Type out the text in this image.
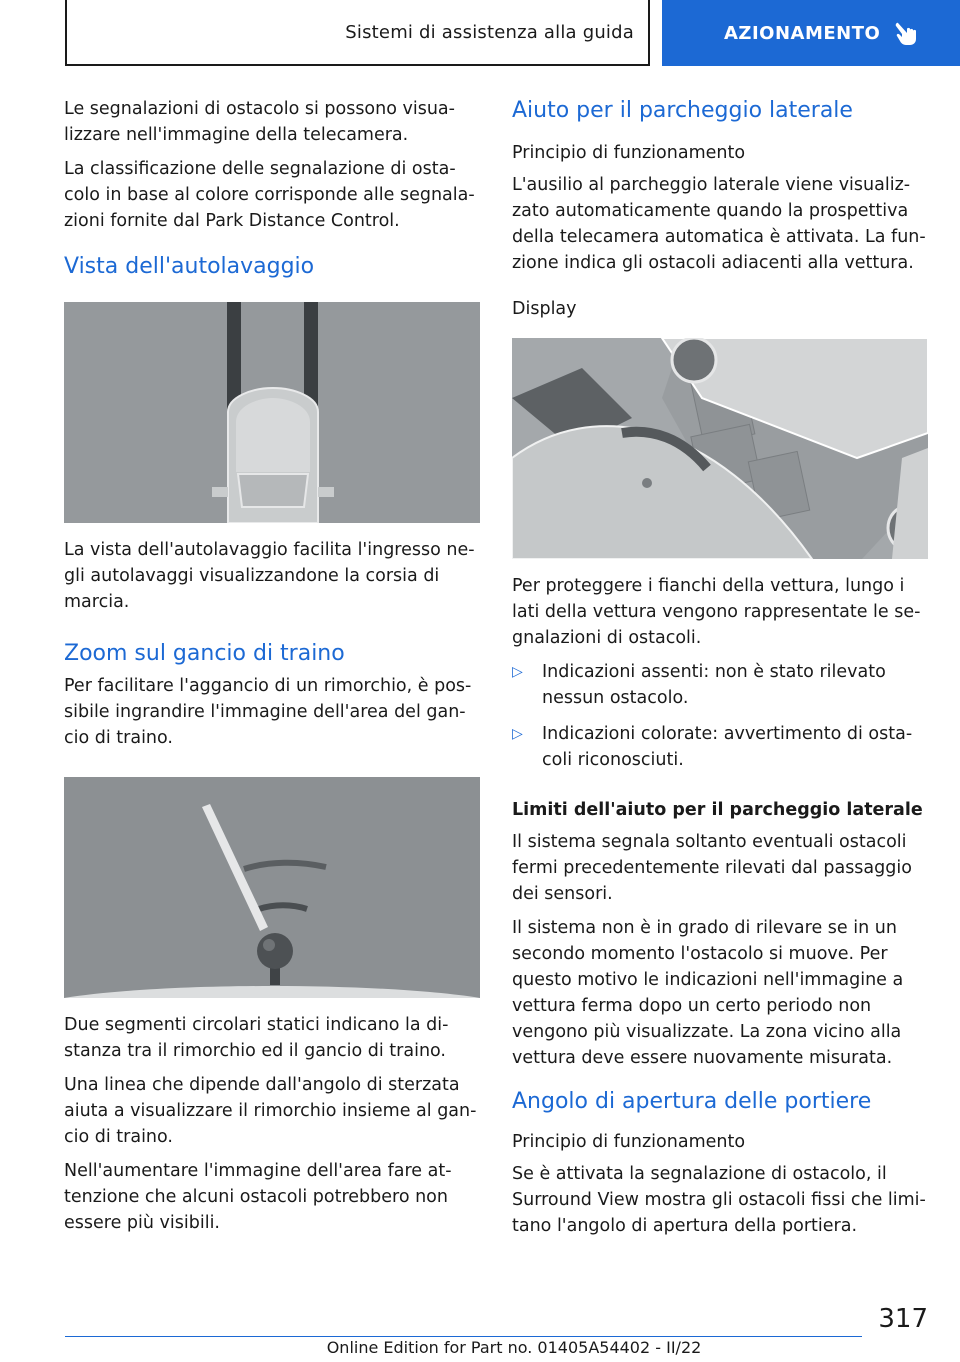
Sistemi di assistenza alla guida	AZIONAMENTO

Le segnalazioni di ostacolo si possono visualizzare nell'immagine della telecamera.

La classificazione delle segnalazione di ostacolo in base al colore corrisponde alle segnalazioni fornite dal Park Distance Control.

Vista dell'autolavaggio

La vista dell'autolavaggio facilita l'ingresso negli autolavaggi visualizzandone la corsia di marcia.

Zoom sul gancio di traino

Per facilitare l'aggancio di un rimorchio, è possibile ingrandire l'immagine dell'area del gancio di traino.

Due segmenti circolari statici indicano la distanza tra il rimorchio ed il gancio di traino.

Una linea che dipende dall'angolo di sterzata aiuta a visualizzare il rimorchio insieme al gancio di traino.

Nell'aumentare l'immagine dell'area fare attenzione che alcuni ostacoli potrebbero non essere più visibili.

Aiuto per il parcheggio laterale
Principio di funzionamento

L'ausilio al parcheggio laterale viene visualizzato automaticamente quando la prospettiva della telecamera automatica è attivata. La funzione indica gli ostacoli adiacenti alla vettura.

Display

Per proteggere i fianchi della vettura, lungo i lati della vettura vengono rappresentate le segnalazioni di ostacoli.

▷ Indicazioni assenti: non è stato rilevato nessun ostacolo.
▷ Indicazioni colorate: avvertimento di ostacoli riconosciuti.
Limiti dell'aiuto per il parcheggio laterale

Il sistema segnala soltanto eventuali ostacoli fermi precedentemente rilevati dal passaggio dei sensori.

Il sistema non è in grado di rilevare se in un secondo momento l'ostacolo si muove. Per questo motivo le indicazioni nell'immagine a vettura ferma dopo un certo periodo non vengono più visualizzate. La zona vicino alla vettura deve essere nuovamente misurata.

Angolo di apertura delle portiere
Principio di funzionamento

Se è attivata la segnalazione di ostacolo, il Surround View mostra gli ostacoli fissi che limitano l'angolo di apertura della portiera.

317
Online Edition for Part no. 01405A54402 - II/22
